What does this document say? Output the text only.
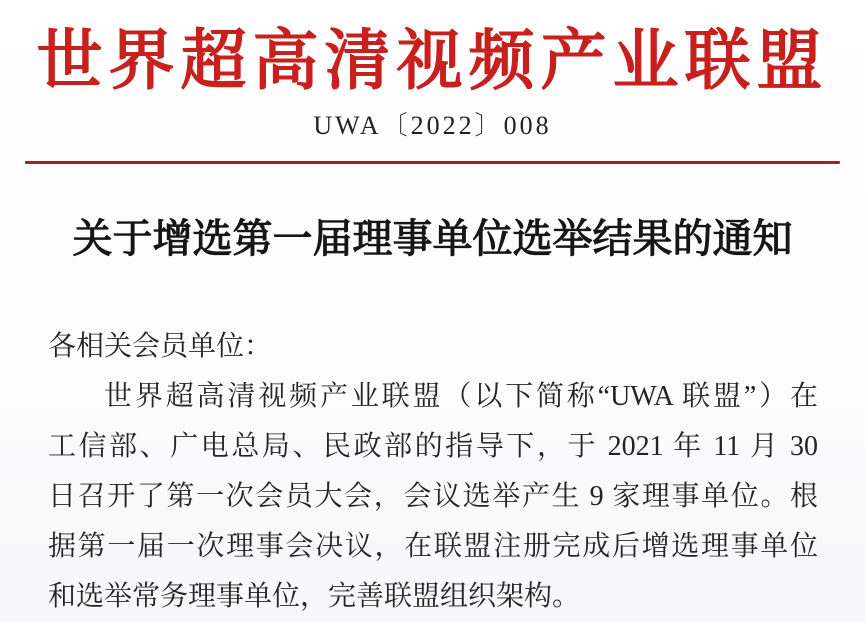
世界超高清视频产业联盟
UWA〔2022〕008
关于增选第一届理事单位选举结果的通知

各相关会员单位：

世界超高清视频产业联盟（以下简称“UWA 联盟”）在

工信部、广电总局、民政部的指导下，于 2021 年 11 月 30

日召开了第一次会员大会，会议选举产生 9 家理事单位。根

据第一届一次理事会决议，在联盟注册完成后增选理事单位

和选举常务理事单位，完善联盟组织架构。
